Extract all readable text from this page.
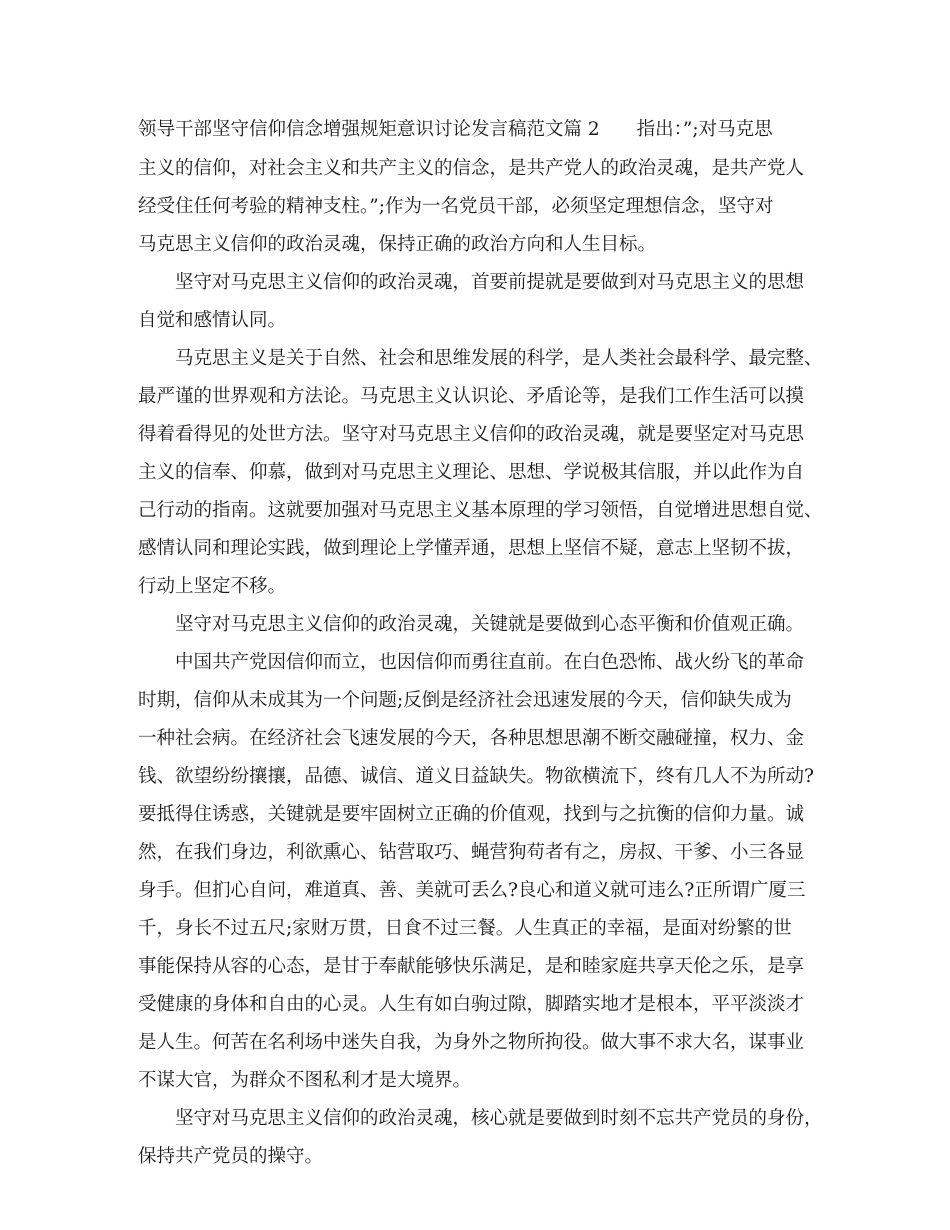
领导干部坚守信仰信念增强规矩意识讨论发言稿范文篇 2　　指出：”;对马克思
主义的信仰，对社会主义和共产主义的信念，是共产党人的政治灵魂，是共产党人
经受住任何考验的精神支柱。”;作为一名党员干部，必须坚定理想信念，坚守对
马克思主义信仰的政治灵魂，保持正确的政治方向和人生目标。
坚守对马克思主义信仰的政治灵魂，首要前提就是要做到对马克思主义的思想
自觉和感情认同。
马克思主义是关于自然、社会和思维发展的科学，是人类社会最科学、最完整、
最严谨的世界观和方法论。马克思主义认识论、矛盾论等，是我们工作生活可以摸
得着看得见的处世方法。坚守对马克思主义信仰的政治灵魂，就是要坚定对马克思
主义的信奉、仰慕，做到对马克思主义理论、思想、学说极其信服，并以此作为自
己行动的指南。这就要加强对马克思主义基本原理的学习领悟，自觉增进思想自觉、
感情认同和理论实践，做到理论上学懂弄通，思想上坚信不疑，意志上坚韧不拔，
行动上坚定不移。
坚守对马克思主义信仰的政治灵魂，关键就是要做到心态平衡和价值观正确。
中国共产党因信仰而立，也因信仰而勇往直前。在白色恐怖、战火纷飞的革命
时期，信仰从未成其为一个问题;反倒是经济社会迅速发展的今天，信仰缺失成为
一种社会病。在经济社会飞速发展的今天，各种思想思潮不断交融碰撞，权力、金
钱、欲望纷纷攘攘，品德、诚信、道义日益缺失。物欲横流下，终有几人不为所动?
要抵得住诱惑，关键就是要牢固树立正确的价值观，找到与之抗衡的信仰力量。诚
然，在我们身边，利欲熏心、钻营取巧、蝇营狗苟者有之，房叔、干爹、小三各显
身手。但扪心自问，难道真、善、美就可丢么?良心和道义就可违么?正所谓广厦三
千，身长不过五尺;家财万贯，日食不过三餐。人生真正的幸福，是面对纷繁的世
事能保持从容的心态，是甘于奉献能够快乐满足，是和睦家庭共享天伦之乐，是享
受健康的身体和自由的心灵。人生有如白驹过隙，脚踏实地才是根本，平平淡淡才
是人生。何苦在名利场中迷失自我，为身外之物所拘役。做大事不求大名，谋事业
不谋大官，为群众不图私利才是大境界。
坚守对马克思主义信仰的政治灵魂，核心就是要做到时刻不忘共产党员的身份，
保持共产党员的操守。
